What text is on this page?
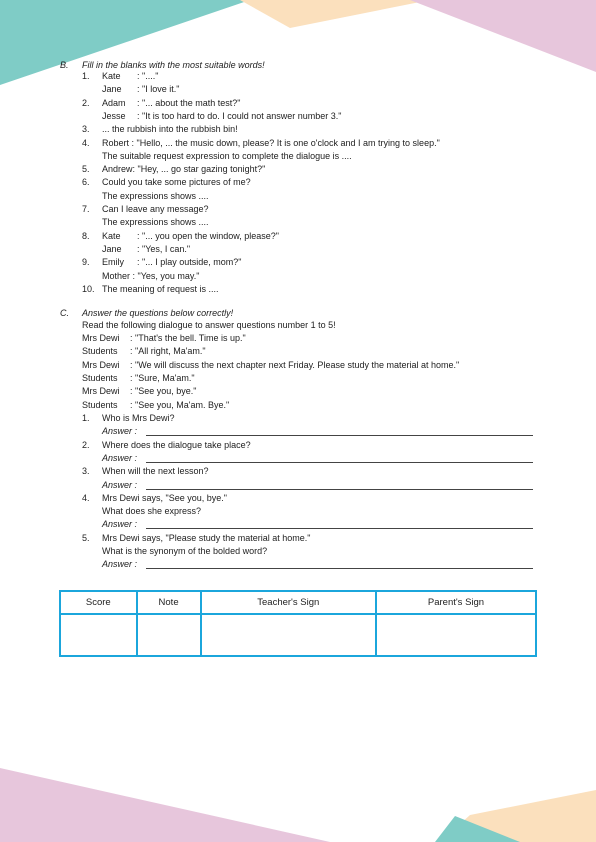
B. Fill in the blanks with the most suitable words!
1. Kate : "...."
Jane : "I love it."
2. Adam : "... about the math test?"
Jesse : "It is too hard to do. I could not answer number 3."
3. ... the rubbish into the rubbish bin!
4. Robert : "Hello, ... the music down, please? It is one o'clock and I am trying to sleep."
The suitable request expression to complete the dialogue is ....
5. Andrew: "Hey, ... go star gazing tonight?"
6. Could you take some pictures of me?
The expressions shows ....
7. Can I leave any message?
The expressions shows ....
8. Kate : "... you open the window, please?"
Jane : "Yes, I can."
9. Emily : "... I play outside, mom?"
Mother : "Yes, you may."
10. The meaning of request is ....
C. Answer the questions below correctly!
Read the following dialogue to answer questions number 1 to 5!
Mrs Dewi : "That's the bell. Time is up."
Students : "All right, Ma'am."
Mrs Dewi : "We will discuss the next chapter next Friday. Please study the material at home."
Students : "Sure, Ma'am."
Mrs Dewi : "See you, bye."
Students : "See you, Ma'am. Bye."
1. Who is Mrs Dewi?
Answer :
2. Where does the dialogue take place?
Answer :
3. When will the next lesson?
Answer :
4. Mrs Dewi says, "See you, bye."
What does she express?
Answer :
5. Mrs Dewi says, "Please study the material at home."
What is the synonym of the bolded word?
Answer :
Score	Note	Teacher's Sign	Parent's Sign
